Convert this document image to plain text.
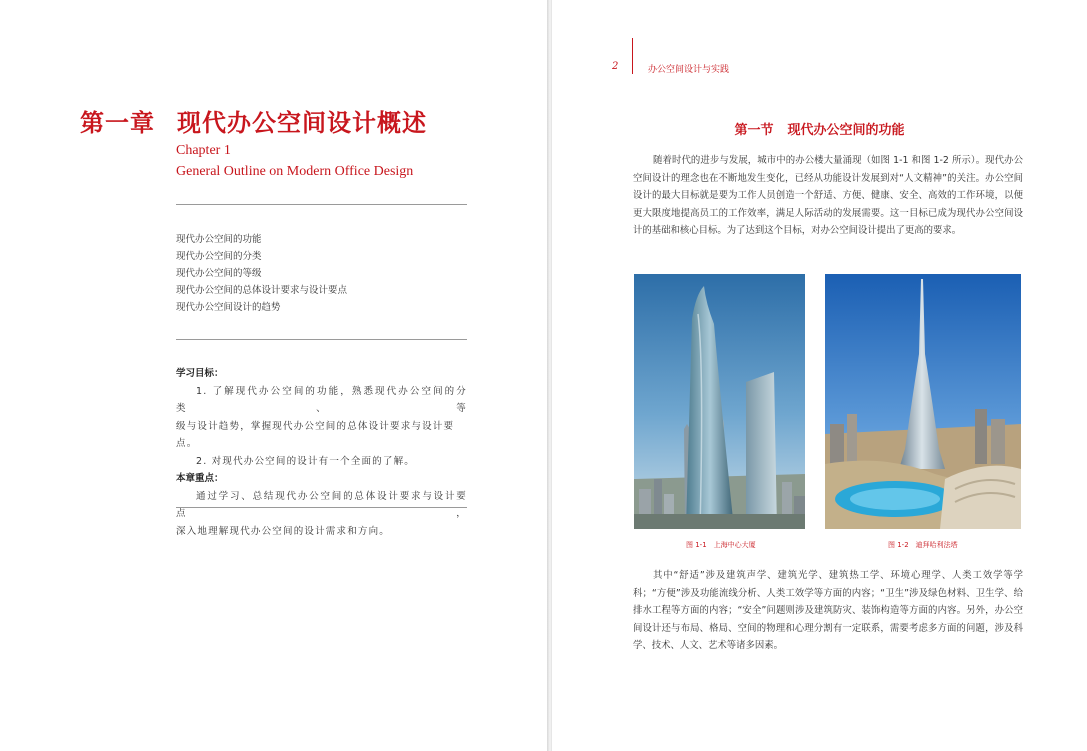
第一章 现代办公空间设计概述
Chapter 1
General Outline on Modern Office Design
现代办公空间的功能
现代办公空间的分类
现代办公空间的等级
现代办公空间的总体设计要求与设计要点
现代办公空间设计的趋势
学习目标：
1. 了解现代办公空间的功能，熟悉现代办公空间的分类、等
级与设计趋势，掌握现代办公空间的总体设计要求与设计要点。
2. 对现代办公空间的设计有一个全面的了解。
本章重点：
通过学习、总结现代办公空间的总体设计要求与设计要点，
深入地理解现代办公空间的设计需求和方向。
2	办公空间设计与实践
第一节 现代办公空间的功能

随着时代的进步与发展，城市中的办公楼大量涌现（如图 1-1 和图 1-2 所示）。现代办公空间设计的理念也在不断地发生变化，已经从功能设计发展到对“人文精神”的关注。办公空间设计的最大目标就是要为工作人员创造一个舒适、方便、健康、安全、高效的工作环境，以便更大限度地提高员工的工作效率，满足人际活动的发展需要。这一目标已成为现代办公空间设计的基础和核心目标。为了达到这个目标，对办公空间设计提出了更高的要求。

图 1-1　上海中心大厦	图 1-2　迪拜哈利法塔

其中“舒适”涉及建筑声学、建筑光学、建筑热工学、环境心理学、人类工效学等学科；“方便”涉及功能流线分析、人类工效学等方面的内容；“卫生”涉及绿色材料、卫生学、给排水工程等方面的内容；“安全”问题则涉及建筑防灾、装饰构造等方面的内容。另外，办公空间设计还与布局、格局、空间的物理和心理分割有一定联系，需要考虑多方面的问题，涉及科学、技术、人文、艺术等诸多因素。
